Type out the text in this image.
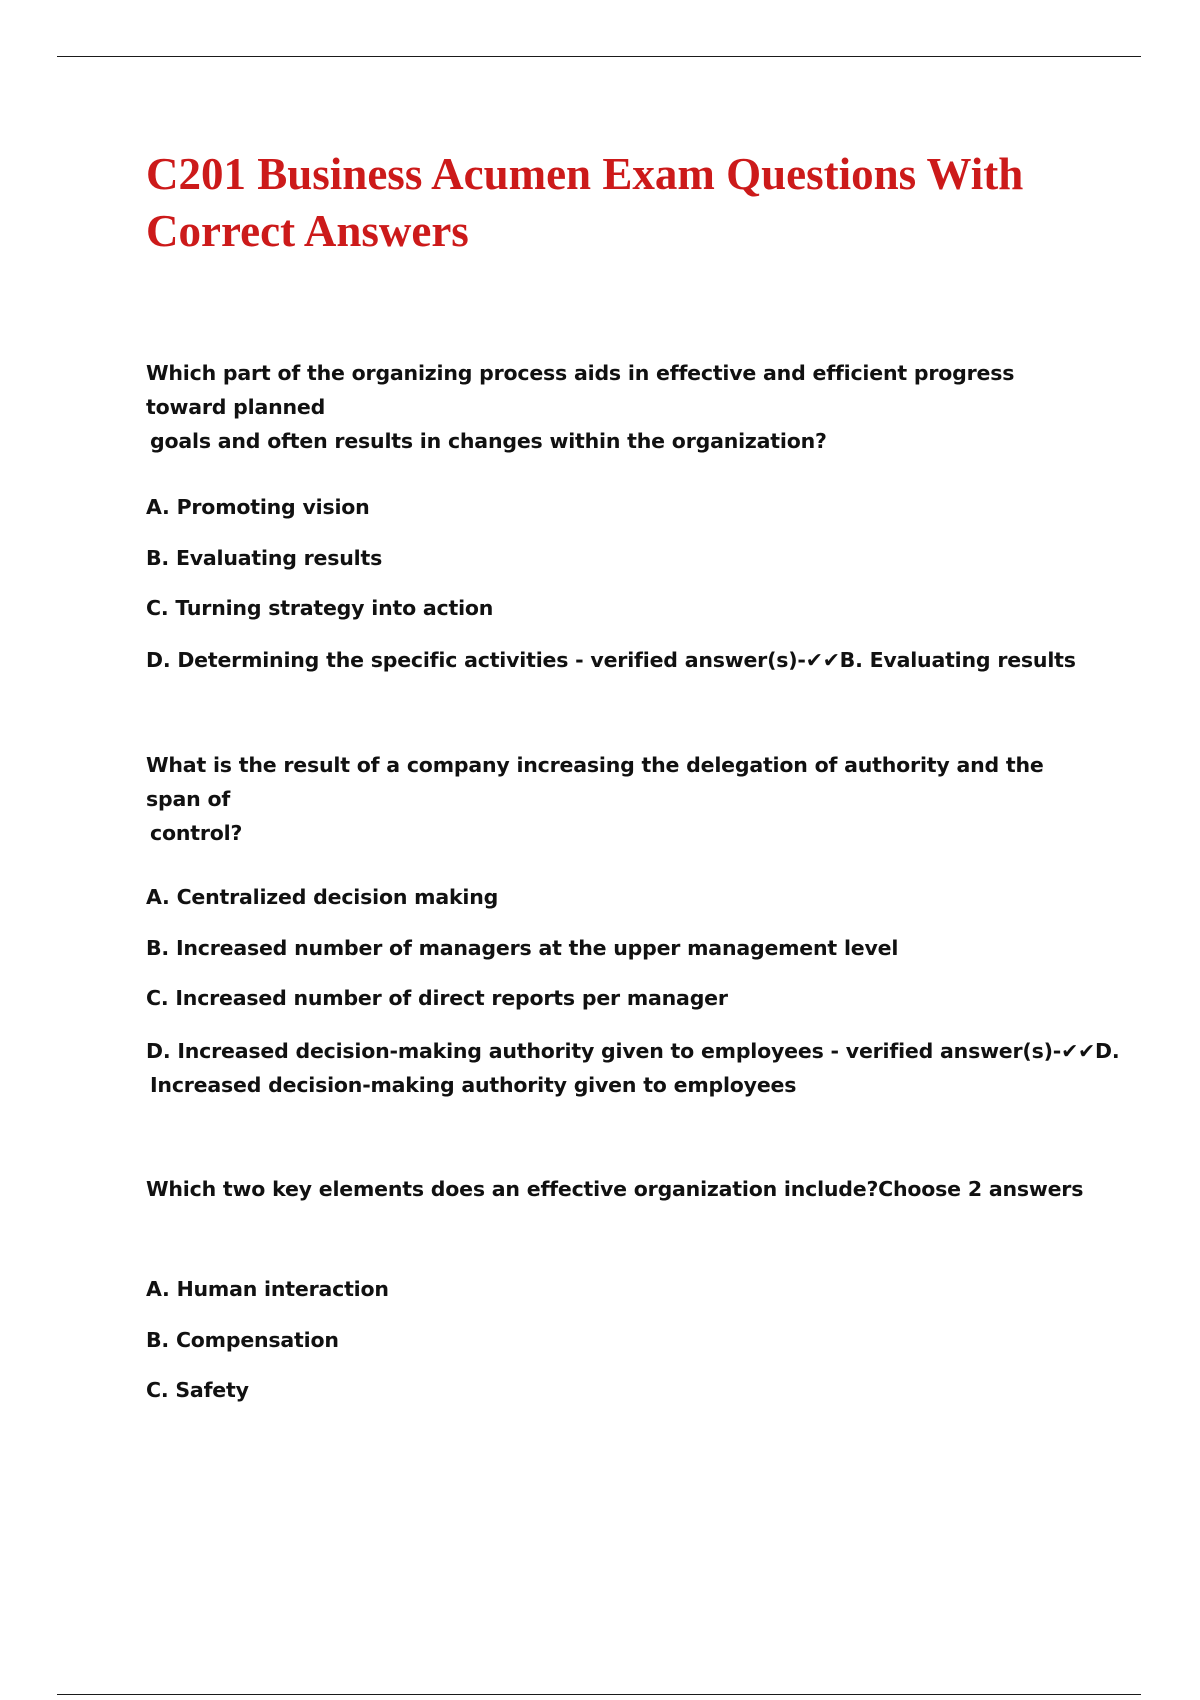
C201 Business Acumen Exam Questions With Correct Answers

Which part of the organizing process aids in effective and efficient progress toward planned
goals and often results in changes within the organization?

A. Promoting vision
B. Evaluating results
C. Turning strategy into action
D. Determining the specific activities - verified answer(s)-✔✔B. Evaluating results

What is the result of a company increasing the delegation of authority and the span of
control?

A. Centralized decision making
B. Increased number of managers at the upper management level
C. Increased number of direct reports per manager
D. Increased decision-making authority given to employees - verified answer(s)-✔✔D.
Increased decision-making authority given to employees

Which two key elements does an effective organization include?Choose 2 answers

A. Human interaction
B. Compensation
C. Safety
